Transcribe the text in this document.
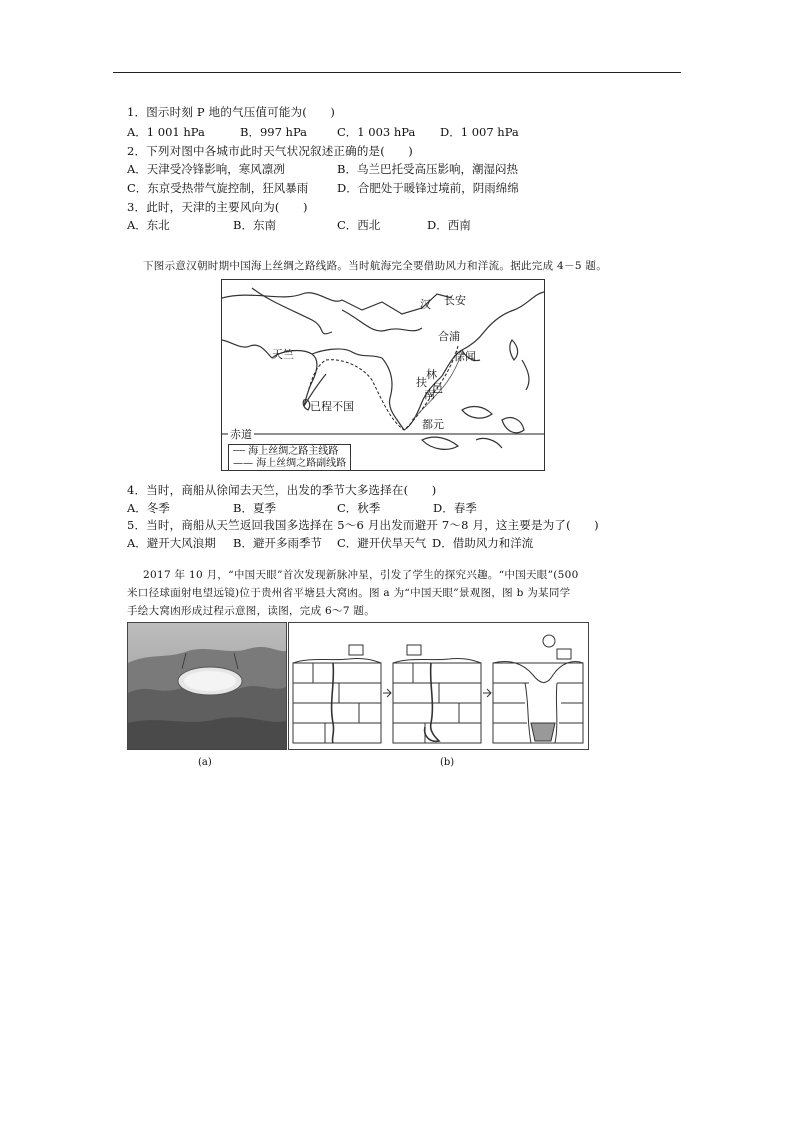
1．图示时刻 P 地的气压值可能为(　　)
A．1 001 hPa	B．997 hPa	C．1 003 hPa D．1 007 hPa
2．下列对图中各城市此时天气状况叙述正确的是(　　)
A．天津受冷锋影响，寒风凛冽	B．乌兰巴托受高压影响，潮湿闷热
C．东京受热带气旋控制，狂风暴雨 D．合肥处于暖锋过境前，阴雨绵绵
3．此时，天津的主要风向为(　　)
A．东北	B．东南	C．西北	D．西南
下图示意汉朝时期中国海上丝绸之路线路。当时航海完全要借助风力和洋流。据此完成 4－5 题。
汉 长安
合浦
徐闻
天竺
林
邑
扶
南
已程不国
都元
赤道
┄┄ 海上丝绸之路主线路
—— 海上丝绸之路副线路
4．当时，商船从徐闻去天竺，出发的季节大多选择在(　　)
A．冬季	B．夏季	C．秋季	D．春季
5．当时，商船从天竺返回我国多选择在 5～6 月出发而避开 7～8 月，这主要是为了(　　)
A．避开大风浪期 B．避开多雨季节 C．避开伏旱天气 D．借助风力和洋流
2017 年 10 月，“中国天眼”首次发现新脉冲星，引发了学生的探究兴趣。“中国天眼”(500
米口径球面射电望远镜)位于贵州省平塘县大窝凼。图 a 为“中国天眼”景观图，图 b 为某同学
手绘大窝凼形成过程示意图，读图，完成 6～7 题。
(a)	(b)
